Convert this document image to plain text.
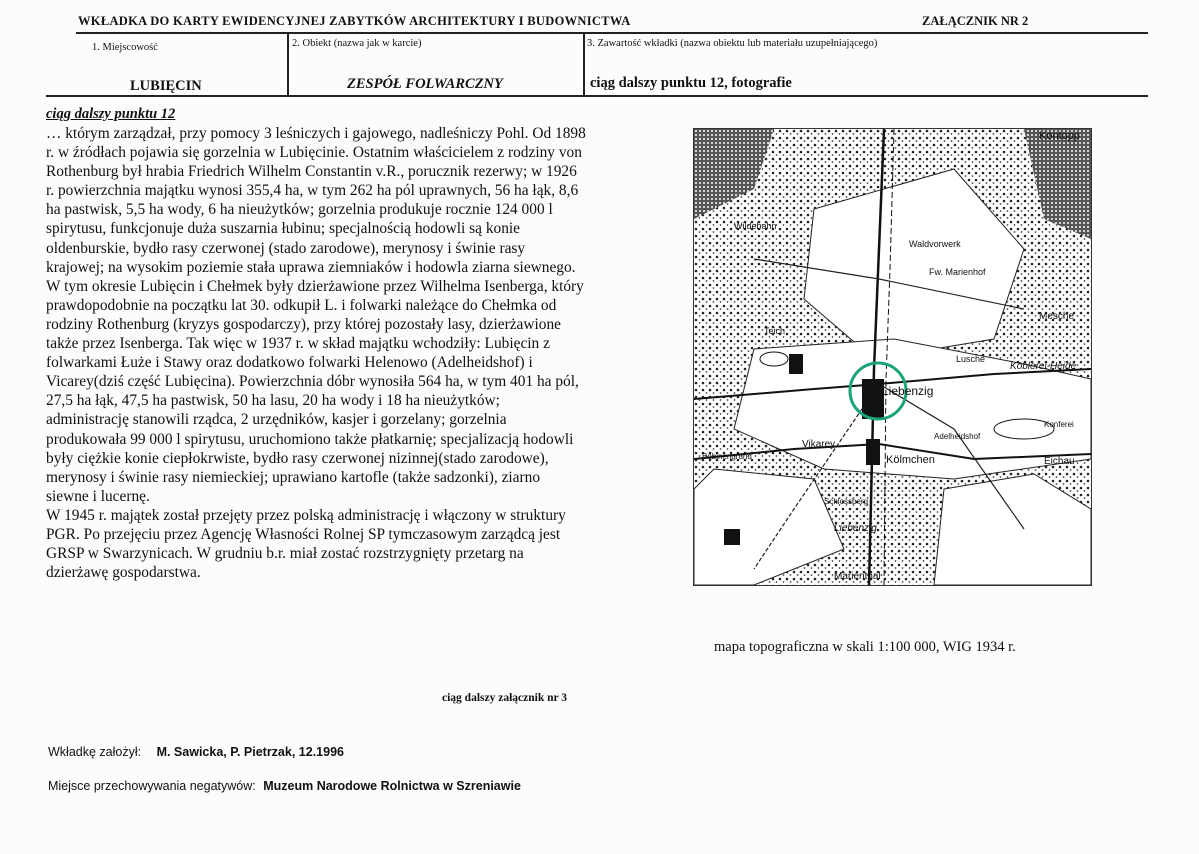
WKŁADKA DO KARTY EWIDENCYJNEJ ZABYTKÓW ARCHITEKTURY I BUDOWNICTWA	ZAŁĄCZNIK NR 2
1. Miejscowość	2. Obiekt (nazwa jak w karcie)	3. Zawartość wkładki (nazwa obiektu lub materiału uzupełniającego)
LUBIĘCIN	ZESPÓŁ FOLWARCZNY	ciąg dalszy punktu 12, fotografie
ciąg dalszy punktu 12

… którym zarządzał, przy pomocy 3 leśniczych i gajowego, nadleśniczy Pohl. Od 1898 r. w źródłach pojawia się gorzelnia w Lubięcinie. Ostatnim właścicielem z rodziny von Rothenburg był hrabia Friedrich Wilhelm Constantin v.R., porucznik rezerwy; w 1926 r. powierzchnia majątku wynosi 355,4 ha, w tym 262 ha pól uprawnych, 56 ha łąk, 8,6 ha pastwisk, 5,5 ha wody, 6 ha nieużytków; gorzelnia produkuje rocznie 124 000 l spirytusu, funkcjonuje duża suszarnia łubinu; specjalnością hodowli są konie oldenburskie, bydło rasy czerwonej (stado zarodowe), merynosy i świnie rasy krajowej; na wysokim poziemie stała uprawa ziemniaków i hodowla ziarna siewnego. W tym okresie Lubięcin i Chełmek były dzierżawione przez Wilhelma Isenberga, który prawdopodobnie na początku lat 30. odkupił L. i folwarki należące do Chełmka od rodziny Rothenburg (kryzys gospodarczy), przy której pozostały lasy, dzierżawione także przez Isenberga. Tak więc w 1937 r. w skład majątku wchodziły: Lubięcin z folwarkami Łuże i Stawy oraz dodatkowo folwarki Helenowo (Adelheidshof) i Vicarey(dziś część Lubięcina). Powierzchnia dóbr wynosiła 564 ha, w tym 401 ha pól, 27,5 ha łąk, 47,5 ha pastwisk, 50 ha lasu, 20 ha wody i 18 ha nieużytków; administrację stanowili rządca, 2 urzędników, kasjer i gorzelany; gorzelnia produkowała 99 000 l spirytusu, uruchomiono także płatkarnię; specjalizacją hodowli były ciężkie konie ciepłokrwiste, bydło rasy czerwonej nizinnej(stado zarodowe), merynosy i świnie rasy niemieckiej; uprawiano kartofle (także sadzonki), ziarno siewne i lucernę.

W 1945 r. majątek został przejęty przez polską administrację i włączony w struktury PGR. Po przejęciu przez Agencję Własności Rolnej SP tymczasowym zarządcą jest GRSP w Swarzynicach. W grudniu b.r. miał zostać rozstrzygnięty przetarg na dzierżawę gospodarstwa.

ciąg dalszy załącznik nr 3
Wkładkę założył: M. Sawicka, P. Pietrzak, 12.1996
Miejsce przechowywania negatywów: Muzeum Narodowe Rolnictwa w Szreniawie
Kontopp
Waldvorwerk
Wildebahn
Fw. Marienhof
Teich
Mesche
Lusche
Köblerei-Heide
Liebenzig
Vikarey
Adelheidshof
Konferei
Bebinengrund	Kölmchen	Eichau
Schlossberg
Liebenzig
Marienthal
mapa topograficzna w skali 1:100 000, WIG 1934 r.
